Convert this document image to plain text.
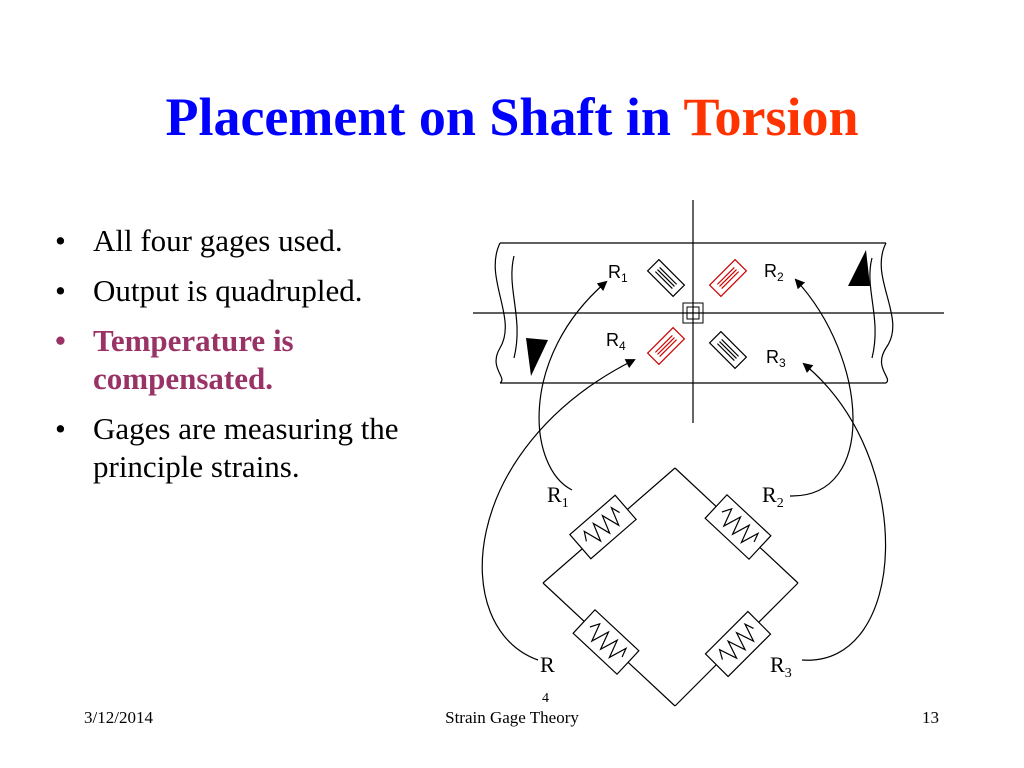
Placement on Shaft in Torsion
• All four gages used.
• Output is quadrupled.
• Temperature is compensated.
• Gages are measuring the principle strains.
$R_1$	$R_2$
$R_4$
$R_3$
$R_1$	$R_2$
R
4
$R_3$
3/12/2014	Strain Gage Theory	13
